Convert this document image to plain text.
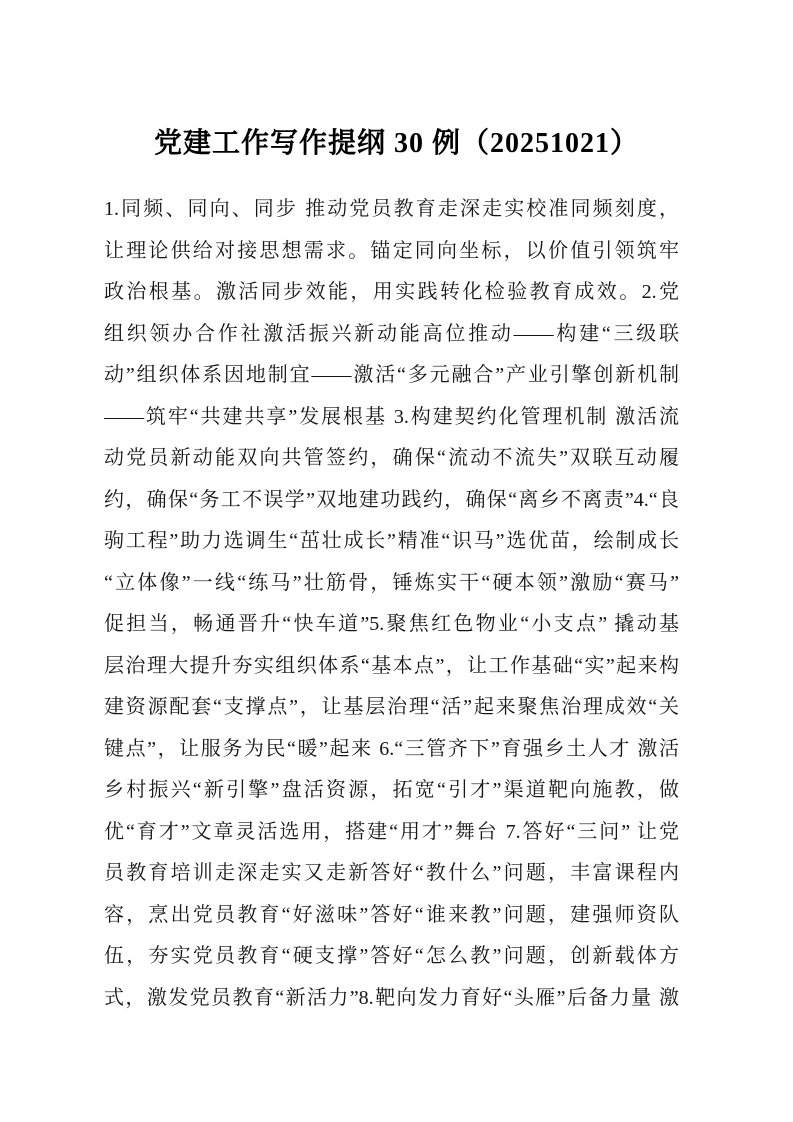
党建工作写作提纲 30 例（20251021）
1.同频、同向、同步 推动党员教育走深走实校准同频刻度，
让理论供给对接思想需求。锚定同向坐标，以价值引领筑牢
政治根基。激活同步效能，用实践转化检验教育成效。2.党
组织领办合作社激活振兴新动能高位推动——构建“三级联
动”组织体系因地制宜——激活“多元融合”产业引擎创新机制
——筑牢“共建共享”发展根基 3.构建契约化管理机制 激活流
动党员新动能双向共管签约，确保“流动不流失”双联互动履
约，确保“务工不误学”双地建功践约，确保“离乡不离责”4.“良
驹工程”助力选调生“茁壮成长”精准“识马”选优苗，绘制成长
“立体像”一线“练马”壮筋骨，锤炼实干“硬本领”激励“赛马”
促担当，畅通晋升“快车道”5.聚焦红色物业“小支点” 撬动基
层治理大提升夯实组织体系“基本点”，让工作基础“实”起来构
建资源配套“支撑点”，让基层治理“活”起来聚焦治理成效“关
键点”，让服务为民“暖”起来 6.“三管齐下”育强乡土人才 激活
乡村振兴“新引擎”盘活资源，拓宽“引才”渠道靶向施教，做
优“育才”文章灵活选用，搭建“用才”舞台 7.答好“三问” 让党
员教育培训走深走实又走新答好“教什么”问题，丰富课程内
容，烹出党员教育“好滋味”答好“谁来教”问题，建强师资队
伍，夯实党员教育“硬支撑”答好“怎么教”问题，创新载体方
式，激发党员教育“新活力”8.靶向发力育好“头雁”后备力量 激
